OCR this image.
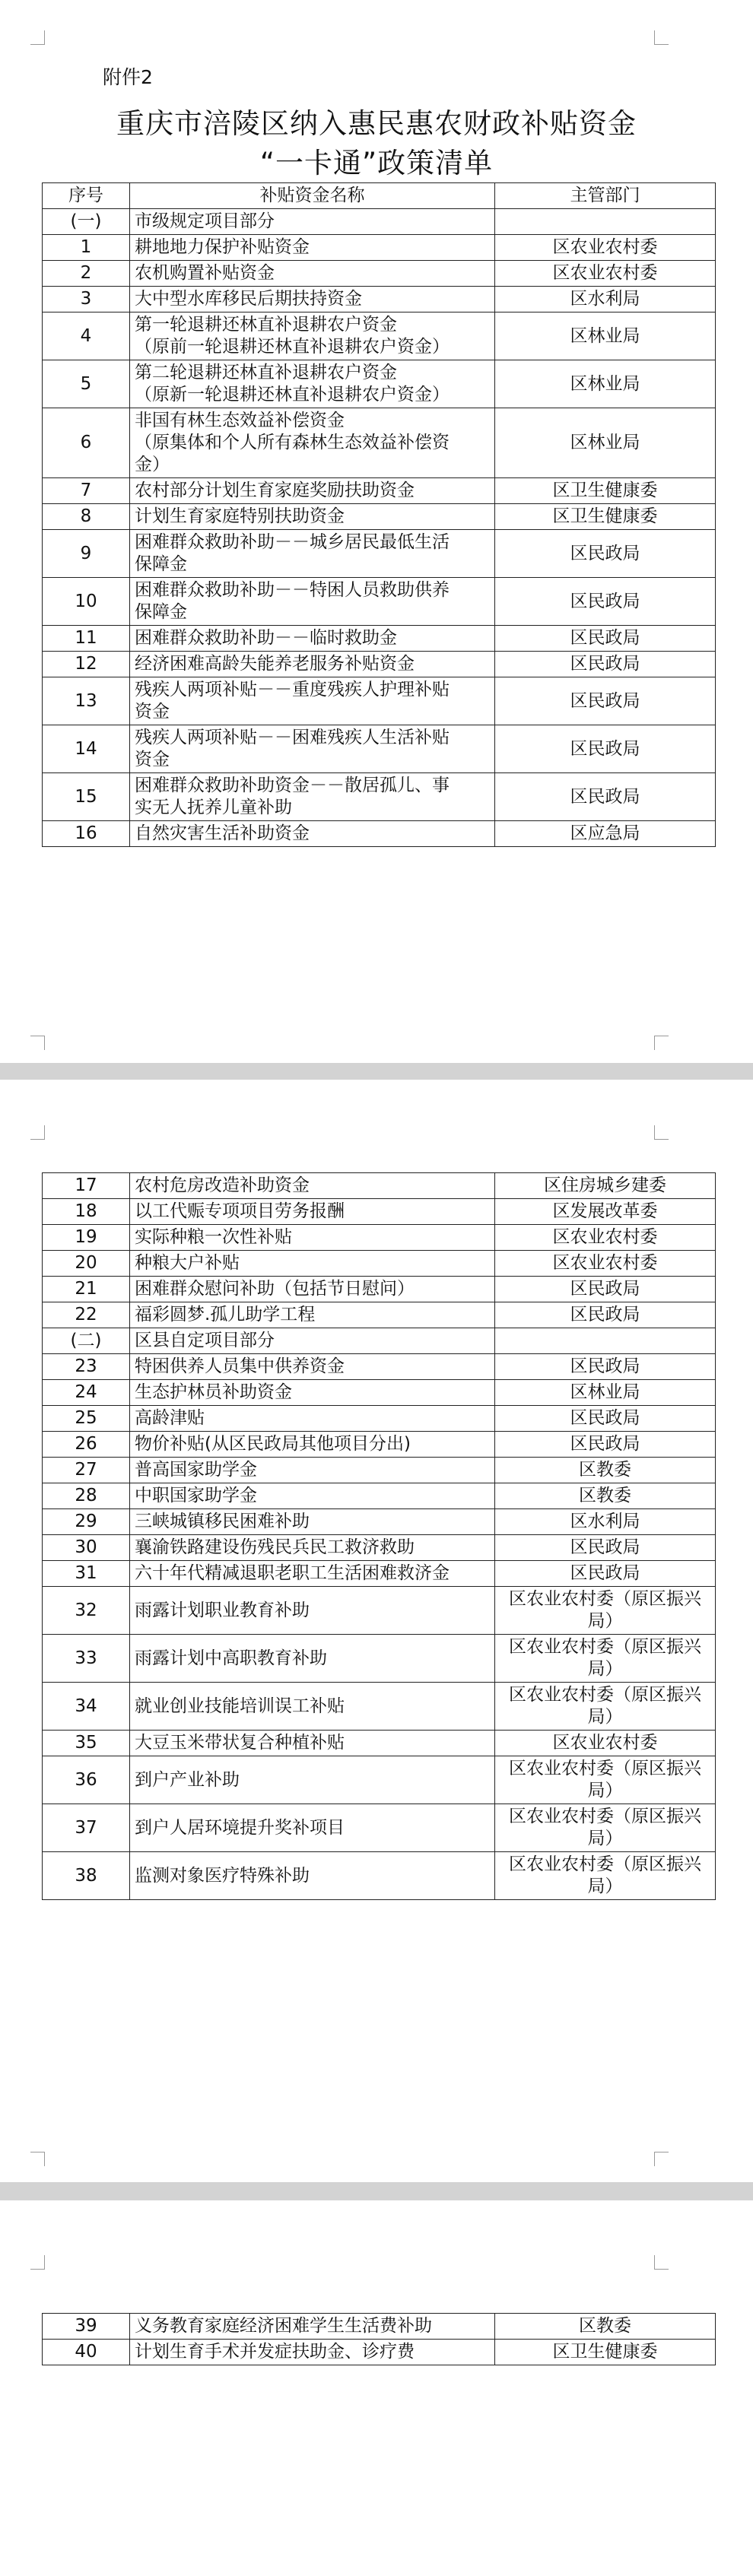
附件2
重庆市涪陵区纳入惠民惠农财政补贴资金
“一卡通”政策清单
序号	补贴资金名称	主管部门
(一)	市级规定项目部分	
1	耕地地力保护补贴资金	区农业农村委
2	农机购置补贴资金	区农业农村委
3	大中型水库移民后期扶持资金	区水利局
4	第一轮退耕还林直补退耕农户资金
（原前一轮退耕还林直补退耕农户资金）	区林业局
5	第二轮退耕还林直补退耕农户资金
（原新一轮退耕还林直补退耕农户资金）	区林业局
6	非国有林生态效益补偿资金
（原集体和个人所有森林生态效益补偿资
金）	区林业局
7	农村部分计划生育家庭奖励扶助资金	区卫生健康委
8	计划生育家庭特别扶助资金	区卫生健康委
9	困难群众救助补助－－城乡居民最低生活
保障金	区民政局
10	困难群众救助补助－－特困人员救助供养
保障金	区民政局
11	困难群众救助补助－－临时救助金	区民政局
12	经济困难高龄失能养老服务补贴资金	区民政局
13	残疾人两项补贴－－重度残疾人护理补贴
资金	区民政局
14	残疾人两项补贴－－困难残疾人生活补贴
资金	区民政局
15	困难群众救助补助资金－－散居孤儿、事
实无人抚养儿童补助	区民政局
16	自然灾害生活补助资金	区应急局
17	农村危房改造补助资金	区住房城乡建委
18	以工代赈专项项目劳务报酬	区发展改革委
19	实际种粮一次性补贴	区农业农村委
20	种粮大户补贴	区农业农村委
21	困难群众慰问补助（包括节日慰问）	区民政局
22	福彩圆梦.孤儿助学工程	区民政局
(二)	区县自定项目部分	
23	特困供养人员集中供养资金	区民政局
24	生态护林员补助资金	区林业局
25	高龄津贴	区民政局
26	物价补贴(从区民政局其他项目分出)	区民政局
27	普高国家助学金	区教委
28	中职国家助学金	区教委
29	三峡城镇移民困难补助	区水利局
30	襄渝铁路建设伤残民兵民工救济救助	区民政局
31	六十年代精减退职老职工生活困难救济金	区民政局
32	雨露计划职业教育补助	区农业农村委（原区振兴
局）
33	雨露计划中高职教育补助	区农业农村委（原区振兴
局）
34	就业创业技能培训误工补贴	区农业农村委（原区振兴
局）
35	大豆玉米带状复合种植补贴	区农业农村委
36	到户产业补助	区农业农村委（原区振兴
局）
37	到户人居环境提升奖补项目	区农业农村委（原区振兴
局）
38	监测对象医疗特殊补助	区农业农村委（原区振兴
局）
39	义务教育家庭经济困难学生生活费补助	区教委
40	计划生育手术并发症扶助金、诊疗费	区卫生健康委
